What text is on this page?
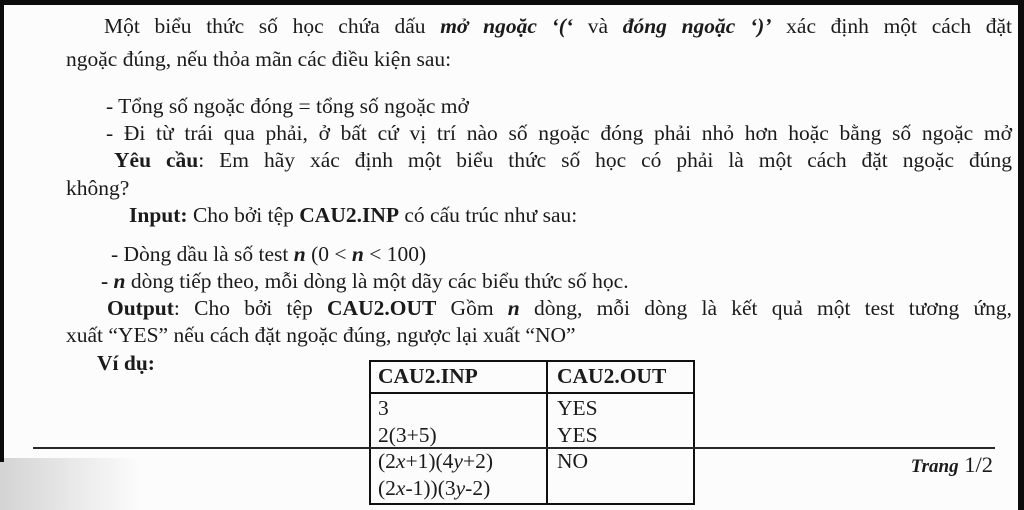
Một biểu thức số học chứa dấu mở ngoặc ‘(‘ và đóng ngoặc ‘)’ xác định một cách đặt
ngoặc đúng, nếu thỏa mãn các điều kiện sau:
- Tổng số ngoặc đóng = tổng số ngoặc mở
- Đi từ trái qua phải, ở bất cứ vị trí nào số ngoặc đóng phải nhỏ hơn hoặc bằng số ngoặc mở
Yêu cầu: Em hãy xác định một biểu thức số học có phải là một cách đặt ngoặc đúng
không?
Input: Cho bởi tệp CAU2.INP có cấu trúc như sau:
- Dòng dầu là số test n (0 < n < 100)
- n dòng tiếp theo, mỗi dòng là một dãy các biểu thức số học.
Output: Cho bởi tệp CAU2.OUT Gồm n dòng, mỗi dòng là kết quả một test tương ứng,
xuất “YES” nếu cách đặt ngoặc đúng, ngược lại xuất “NO”
Ví dụ:
CAU2.INP	CAU2.OUT
3
2(3+5)
(2x+1)(4y+2)
(2x-1))(3y-2)
YES
YES
NO
	Trang 1/2
